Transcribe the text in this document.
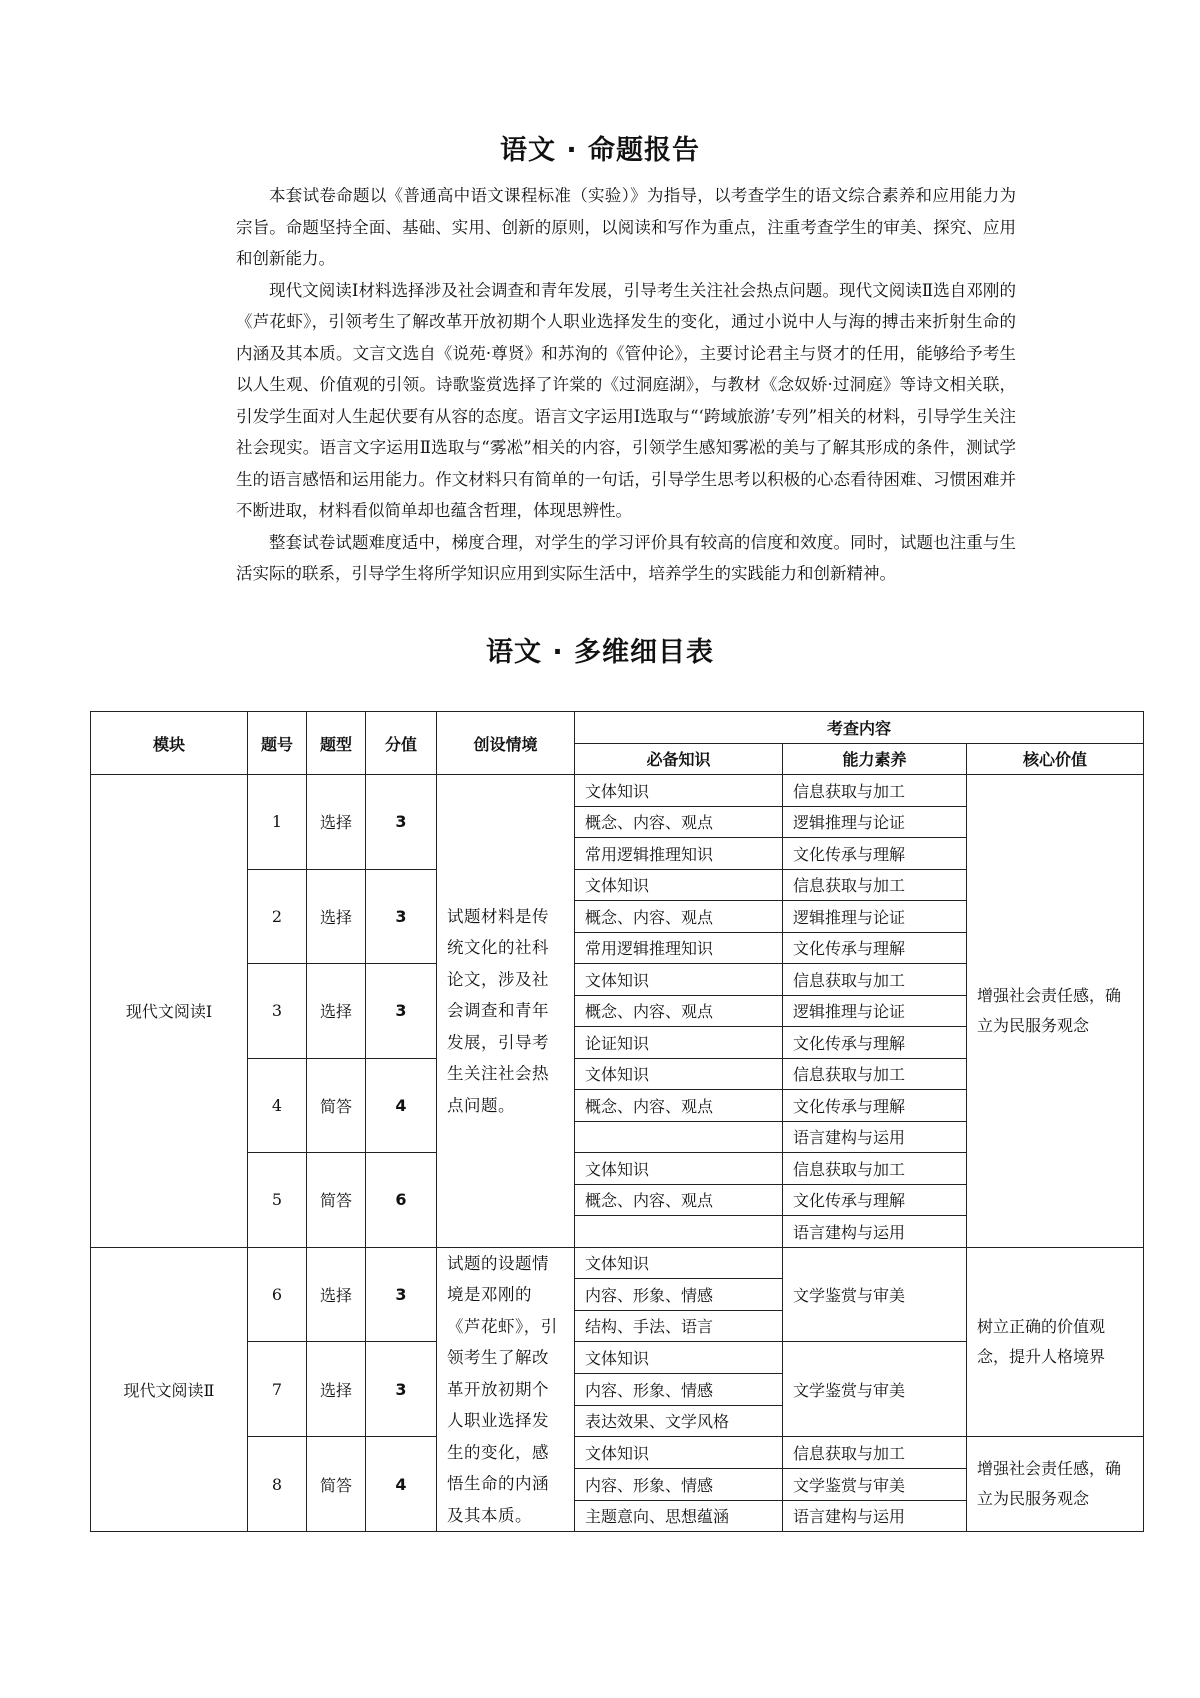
语文 · 命题报告

本套试卷命题以《普通高中语文课程标准（实验）》为指导，以考查学生的语文综合素养和应用能力为宗旨。命题坚持全面、基础、实用、创新的原则，以阅读和写作为重点，注重考查学生的审美、探究、应用和创新能力。

现代文阅读Ⅰ材料选择涉及社会调查和青年发展，引导考生关注社会热点问题。现代文阅读Ⅱ选自邓刚的《芦花虾》，引领考生了解改革开放初期个人职业选择发生的变化，通过小说中人与海的搏击来折射生命的内涵及其本质。文言文选自《说苑·尊贤》和苏洵的《管仲论》，主要讨论君主与贤才的任用，能够给予考生以人生观、价值观的引领。诗歌鉴赏选择了许棠的《过洞庭湖》，与教材《念奴娇·过洞庭》等诗文相关联，引发学生面对人生起伏要有从容的态度。语言文字运用Ⅰ选取与“‘跨域旅游’专列”相关的材料，引导学生关注社会现实。语言文字运用Ⅱ选取与“雾凇”相关的内容，引领学生感知雾凇的美与了解其形成的条件，测试学生的语言感悟和运用能力。作文材料只有简单的一句话，引导学生思考以积极的心态看待困难、习惯困难并不断进取，材料看似简单却也蕴含哲理，体现思辨性。

整套试卷试题难度适中，梯度合理，对学生的学习评价具有较高的信度和效度。同时，试题也注重与生活实际的联系，引导学生将所学知识应用到实际生活中，培养学生的实践能力和创新精神。

语文 · 多维细目表
模块	题号	题型	分值	创设情境	考查内容		
					必备知识	能力素养	核心价值
现代文阅读Ⅰ	1	选择	3	试题材料是传统文化的社科论文，涉及社会调查和青年发展，引导考生关注社会热点问题。	文体知识	信息获取与加工	增强社会责任感，确立为民服务观念
					概念、内容、观点	逻辑推理与论证	
					常用逻辑推理知识	文化传承与理解	
	2	选择	3		文体知识	信息获取与加工	
					概念、内容、观点	逻辑推理与论证	
					常用逻辑推理知识	文化传承与理解	
	3	选择	3		文体知识	信息获取与加工	
					概念、内容、观点	逻辑推理与论证	
					论证知识	文化传承与理解	
	4	简答	4		文体知识	信息获取与加工	
					概念、内容、观点	文化传承与理解	
						语言建构与运用	
	5	简答	6		文体知识	信息获取与加工	
					概念、内容、观点	文化传承与理解	
						语言建构与运用	
现代文阅读Ⅱ	6	选择	3	试题的设题情境是邓刚的《芦花虾》，引领考生了解改革开放初期个人职业选择发生的变化，感悟生命的内涵及其本质。	文体知识	文学鉴赏与审美	树立正确的价值观念，提升人格境界
					内容、形象、情感		
					结构、手法、语言		
	7	选择	3		文体知识	文学鉴赏与审美	
					内容、形象、情感		
					表达效果、文学风格		
	8	简答	4		文体知识	信息获取与加工	增强社会责任感，确立为民服务观念
					内容、形象、情感	文学鉴赏与审美	
					主题意向、思想蕴涵	语言建构与运用	
